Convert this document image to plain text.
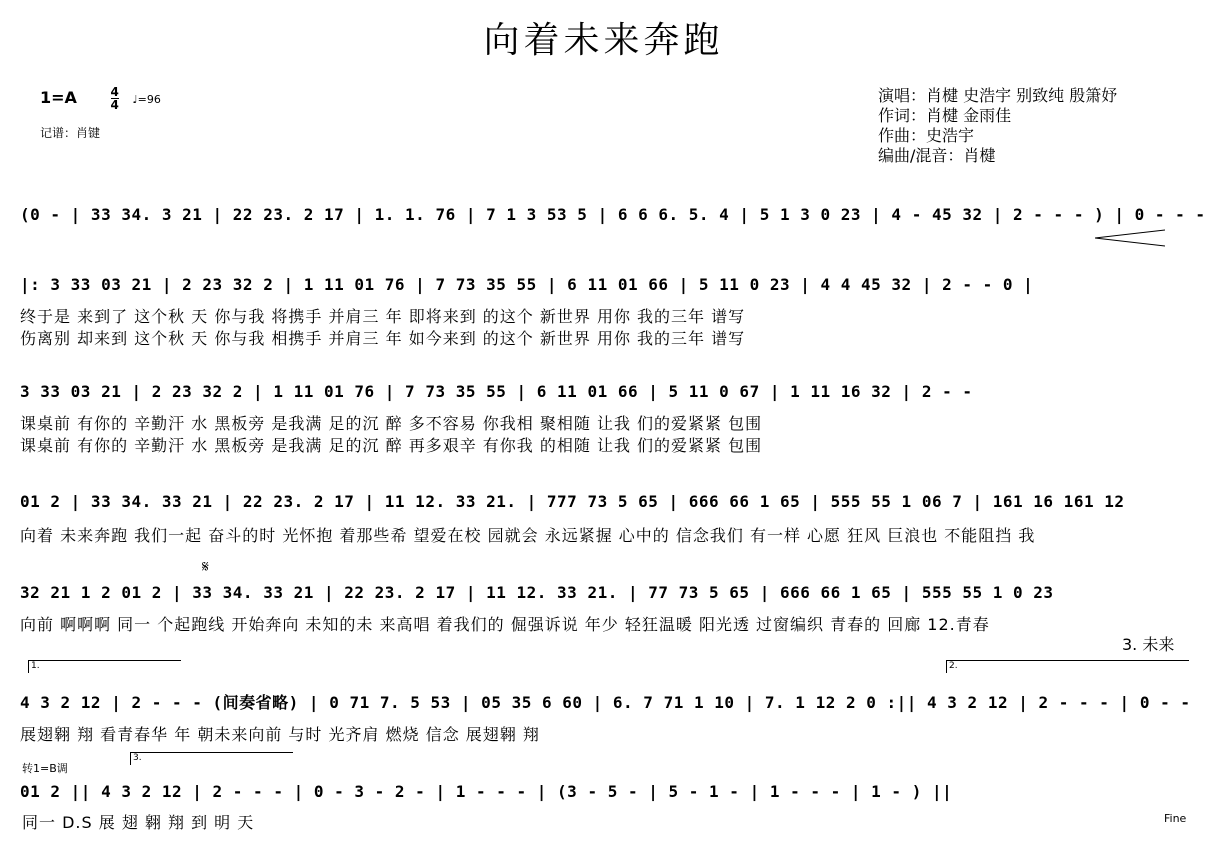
向着未来奔跑
1=A	$\frac{4}{4}$ ♩=96
记谱：肖键
演唱：肖楗 史浩宇 别致纯 殷箫妤
作词：肖楗 金雨佳
作曲：史浩宇
编曲/混音：肖楗
(0 - | 33 34. 3 21 | 22 23. 2 17 | 1. 1. 76 | 7 1 3 53 5 | 6 6 6. 5. 4 | 5 1 3 0 23 | 4 - 45 32 | 2 - - - ) | 0 - - -
|: 3 33 03 21 | 2 23 32 2 | 1 11 01 76 | 7 73 35 55 | 6 11 01 66 | 5 11 0 23 | 4 4 45 32 | 2 - - 0 |
终于是 来到了 这个秋 天 你与我 将携手 并肩三 年 即将来到 的这个 新世界 用你 我的三年 谱写
伤离别 却来到 这个秋 天 你与我 相携手 并肩三 年 如今来到 的这个 新世界 用你 我的三年 谱写
3 33 03 21 | 2 23 32 2 | 1 11 01 76 | 7 73 35 55 | 6 11 01 66 | 5 11 0 67 | 1 11 16 32 | 2 - -
课桌前 有你的 辛勤汗 水 黑板旁 是我满 足的沉 醉 多不容易 你我相 聚相随 让我 们的爱紧紧 包围
课桌前 有你的 辛勤汗 水 黑板旁 是我满 足的沉 醉 再多艰辛 有你我 的相随 让我 们的爱紧紧 包围
01 2 | 33 34. 33 21 | 22 23. 2 17 | 11 12. 33 21. | 777 73 5 65 | 666 66 1 65 | 555 55 1 06 7 | 161 16 161 12
向着 未来奔跑 我们一起 奋斗的时 光怀抱 着那些希 望爱在校 园就会 永远紧握 心中的 信念我们 有一样 心愿 狂风 巨浪也 不能阻挡 我
𝄋
32 21 1 2 01 2 | 33 34. 33 21 | 22 23. 2 17 | 11 12. 33 21. | 77 73 5 65 | 666 66 1 65 | 555 55 1 0 23
向前 啊啊啊 同一 个起跑线 开始奔向 未知的未 来高唱 着我们的 倔强诉说 年少 轻狂温暖 阳光透 过窗编织 青春的 回廊 12.青春
3. 未来
1.	2.
4 3 2 12 | 2 - - - (间奏省略) | 0 71 7. 5 53 | 05 35 6 60 | 6. 7 71 1 10 | 7. 1 12 2 0 :|| 4 3 2 12 | 2 - - - | 0 - -
展翅翱 翔 看青春华 年 朝未来向前 与时 光齐肩 燃烧 信念 展翅翱 翔
转1=B调
3.
01 2 || 4 3 2 12 | 2 - - - | 0 - 3 - 2 - | 1 - - - | (3 - 5 - | 5 - 1 - | 1 - - - | 1 - ) ||
同一 D.S 展 翅 翱 翔 到 明 天	Fine
